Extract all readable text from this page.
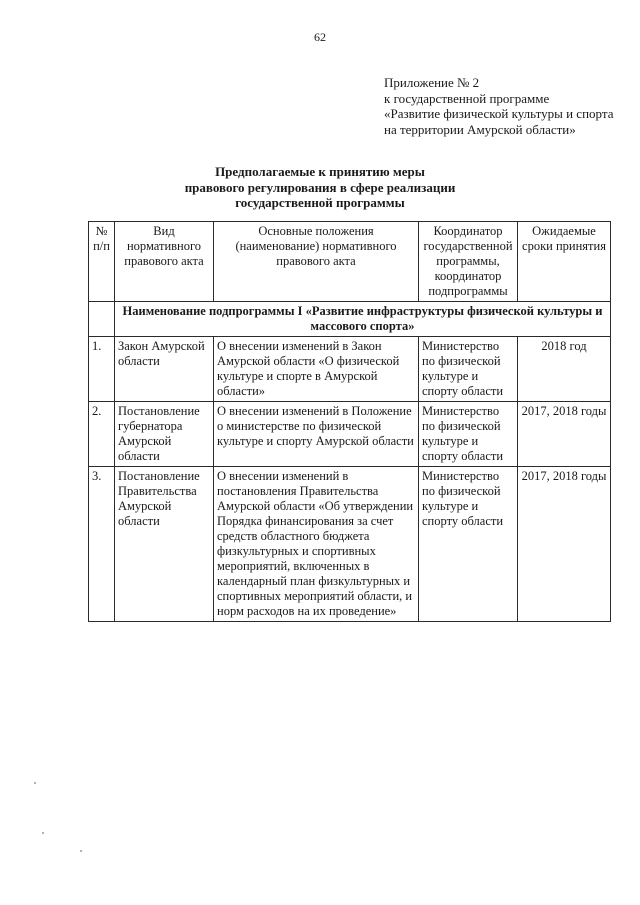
62
Приложение № 2
к государственной программе
«Развитие физической культуры и спорта
на территории Амурской области»
Предполагаемые к принятию меры
правового регулирования в сфере реализации
государственной программы
№ п/п	Вид нормативного правового акта	Основные положения (наименование) нормативного правового акта	Координатор государственной программы, координатор подпрограммы	Ожидаемые сроки принятия
	Наименование подпрограммы I «Развитие инфраструктуры физической культуры и массового спорта»			
1.	Закон Амурской области	О внесении изменений в Закон Амурской области «О физической культуре и спорте в Амурской области»	Министерство по физической культуре и спорту области	2018 год
2.	Постановление губернатора Амурской области	О внесении изменений в Положение о министерстве по физической культуре и спорту Амурской области	Министерство по физической культуре и спорту области	2017, 2018 годы
3.	Постановление Правительства Амурской области	О внесении изменений в постановления Правительства Амурской области «Об утверждении Порядка финансирования за счет средств областного бюджета физкультурных и спортивных мероприятий, включенных в календарный план физкультурных и спортивных мероприятий области, и норм расходов на их проведение»	Министерство по физической культуре и спорту области	2017, 2018 годы
